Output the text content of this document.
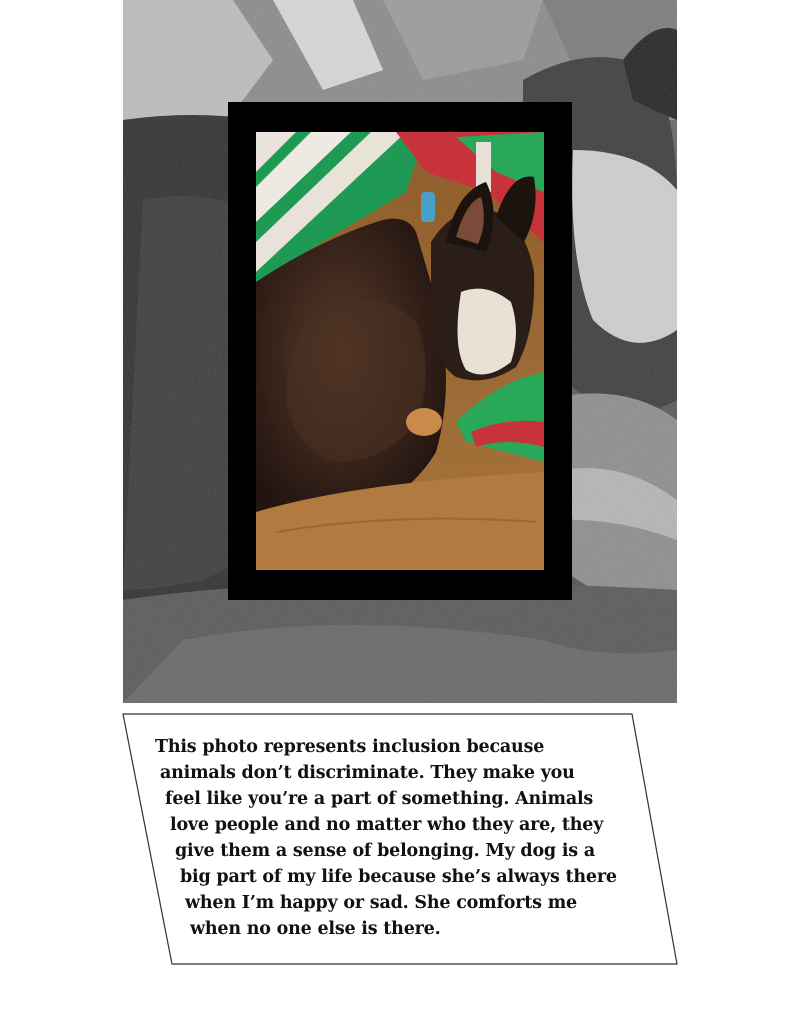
This photo represents inclusion because
animals don’t discriminate. They make you
feel like you’re a part of something. Animals
love people and no matter who they are, they
give them a sense of belonging. My dog is a
big part of my life because she’s always there
when I’m happy or sad. She comforts me
when no one else is there.
